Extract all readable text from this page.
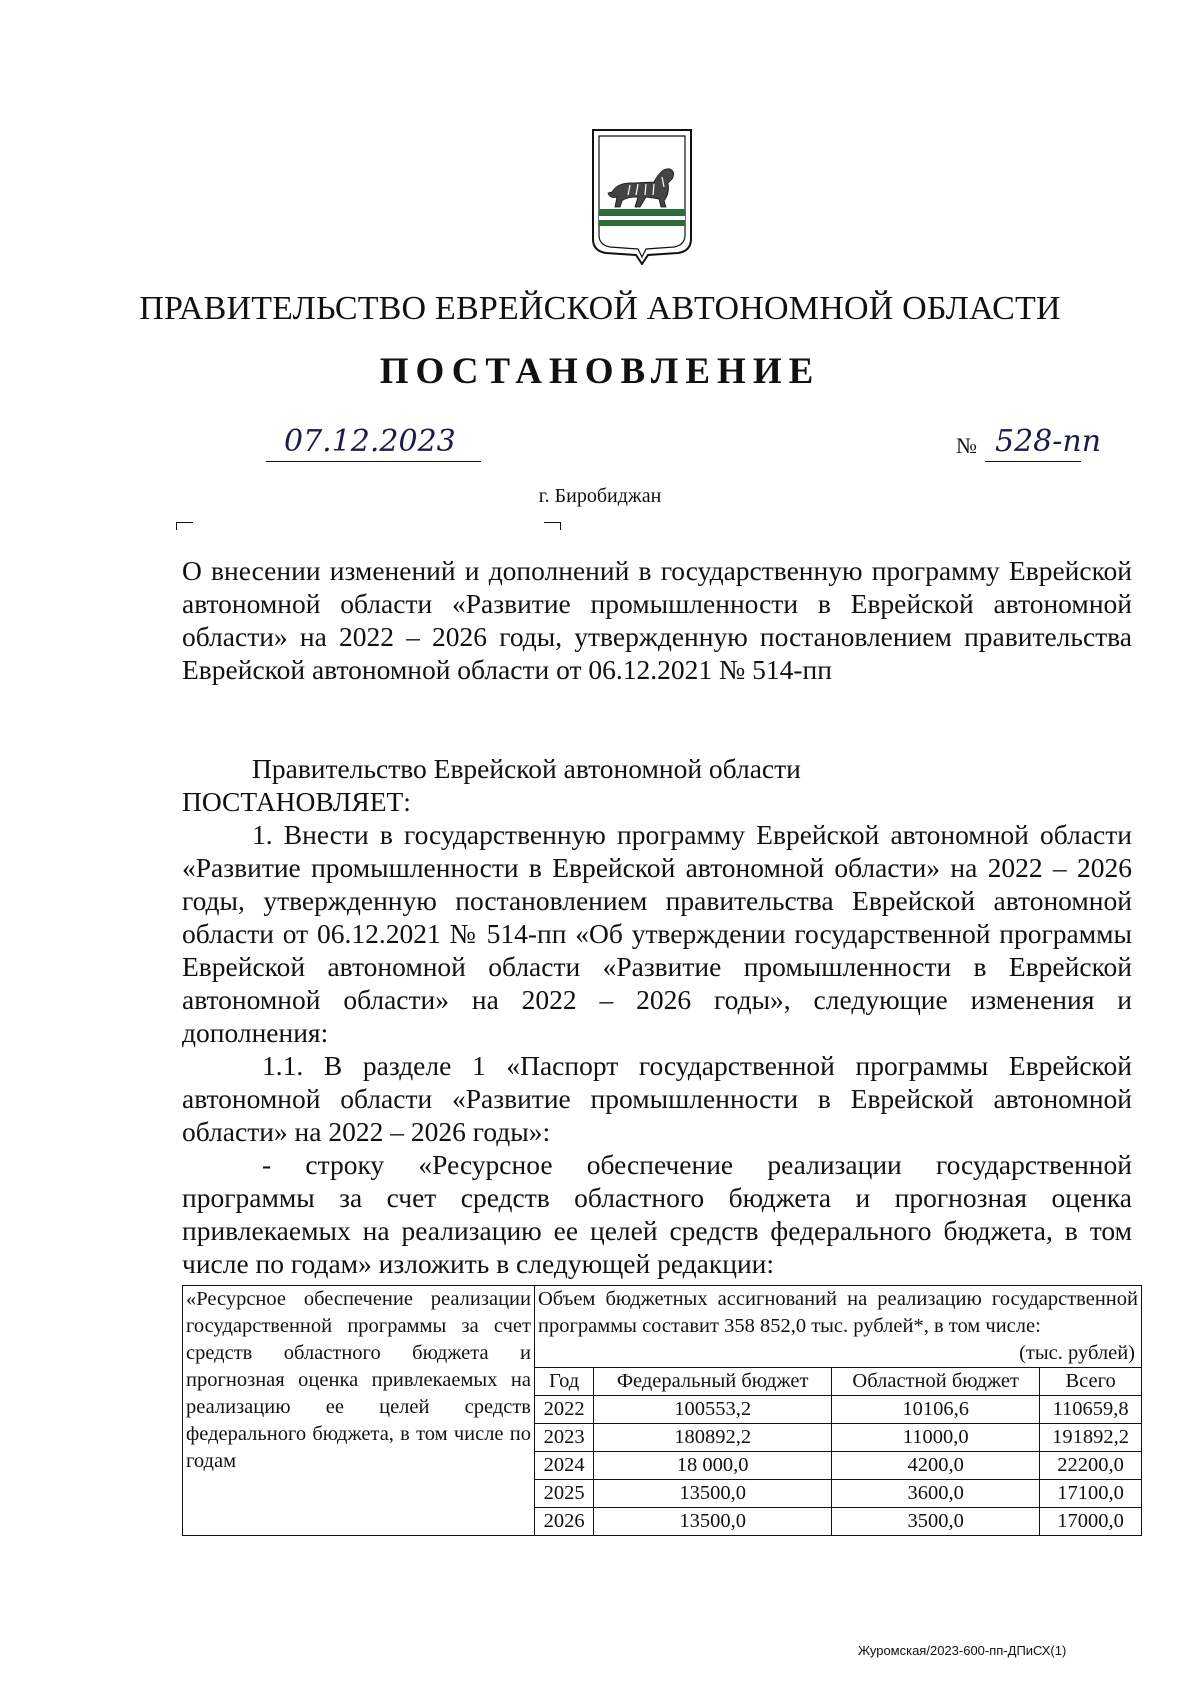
ПРАВИТЕЛЬСТВО ЕВРЕЙСКОЙ АВТОНОМНОЙ ОБЛАСТИ
ПОСТАНОВЛЕНИЕ
07.12.2023	№ 528-пп
г. Биробиджан
О внесении изменений и дополнений в государственную программу Еврейской автономной области «Развитие промышленности в Еврейской автономной области» на 2022 – 2026 годы, утвержденную постановлением правительства Еврейской автономной области от 06.12.2021 № 514-пп

Правительство Еврейской автономной области

ПОСТАНОВЛЯЕТ:

1. Внести в государственную программу Еврейской автономной области «Развитие промышленности в Еврейской автономной области» на 2022 – 2026 годы, утвержденную постановлением правительства Еврейской автономной области от 06.12.2021 № 514-пп «Об утверждении государственной программы Еврейской автономной области «Развитие промышленности в Еврейской автономной области» на 2022 – 2026 годы», следующие изменения и дополнения:

1.1. В разделе 1 «Паспорт государственной программы Еврейской автономной области «Развитие промышленности в Еврейской автономной области» на 2022 – 2026 годы»:

- строку «Ресурсное обеспечение реализации государственной программы за счет средств областного бюджета и прогнозная оценка привлекаемых на реализацию ее целей средств федерального бюджета, в том числе по годам» изложить в следующей редакции:

«Ресурсное обеспечение реализации государственной программы за счет средств областного бюджета и прогнозная оценка привлекаемых на реализацию ее целей средств федерального бюджета, в том числе по годам	
Объем бюджетных ассигнований на реализацию государственной программы составит 358 852,0 тыс. рублей*, в том числе:
(тыс. рублей)
Год	Федеральный бюджет	Областной бюджет	Всего
2022	100553,2	10106,6	110659,8
2023	180892,2	11000,0	191892,2
2024	18 000,0	4200,0	22200,0
2025	13500,0	3600,0	17100,0
2026	13500,0	3500,0	17000,0
Журомская/2023-600-пп-ДПиСХ(1)
